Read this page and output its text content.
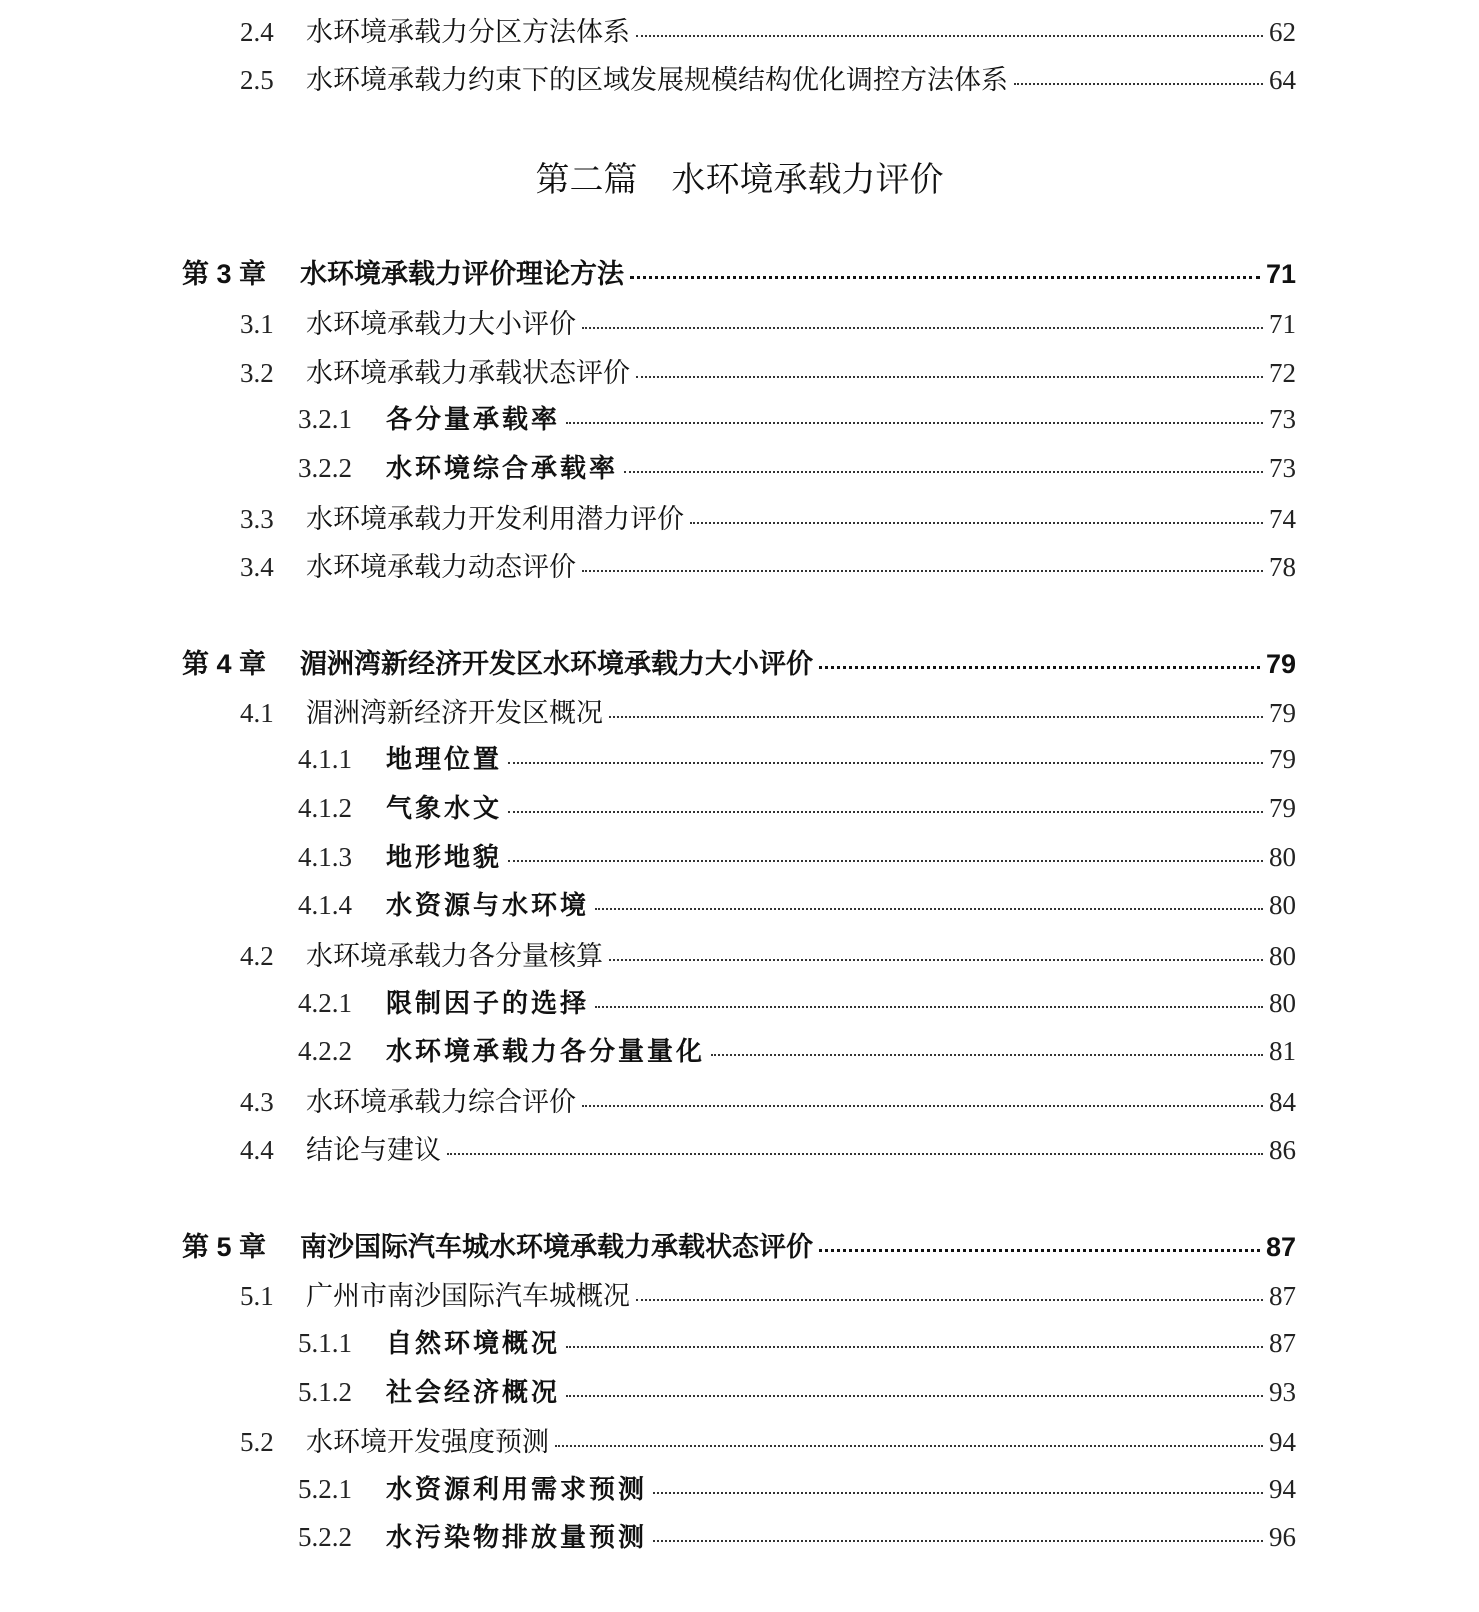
第二篇　水环境承载力评价
2.4	水环境承载力分区方法体系	62
2.5	水环境承载力约束下的区域发展规模结构优化调控方法体系	64
第 3 章	水环境承载力评价理论方法	71
3.1	水环境承载力大小评价	71
3.2	水环境承载力承载状态评价	72
3.2.1	各分量承载率	73
3.2.2	水环境综合承载率	73
3.3	水环境承载力开发利用潜力评价	74
3.4	水环境承载力动态评价	78
第 4 章	湄洲湾新经济开发区水环境承载力大小评价	79
4.1	湄洲湾新经济开发区概况	79
4.1.1	地理位置	79
4.1.2	气象水文	79
4.1.3	地形地貌	80
4.1.4	水资源与水环境	80
4.2	水环境承载力各分量核算	80
4.2.1	限制因子的选择	80
4.2.2	水环境承载力各分量量化	81
4.3	水环境承载力综合评价	84
4.4	结论与建议	86
第 5 章	南沙国际汽车城水环境承载力承载状态评价	87
5.1	广州市南沙国际汽车城概况	87
5.1.1	自然环境概况	87
5.1.2	社会经济概况	93
5.2	水环境开发强度预测	94
5.2.1	水资源利用需求预测	94
5.2.2	水污染物排放量预测	96
